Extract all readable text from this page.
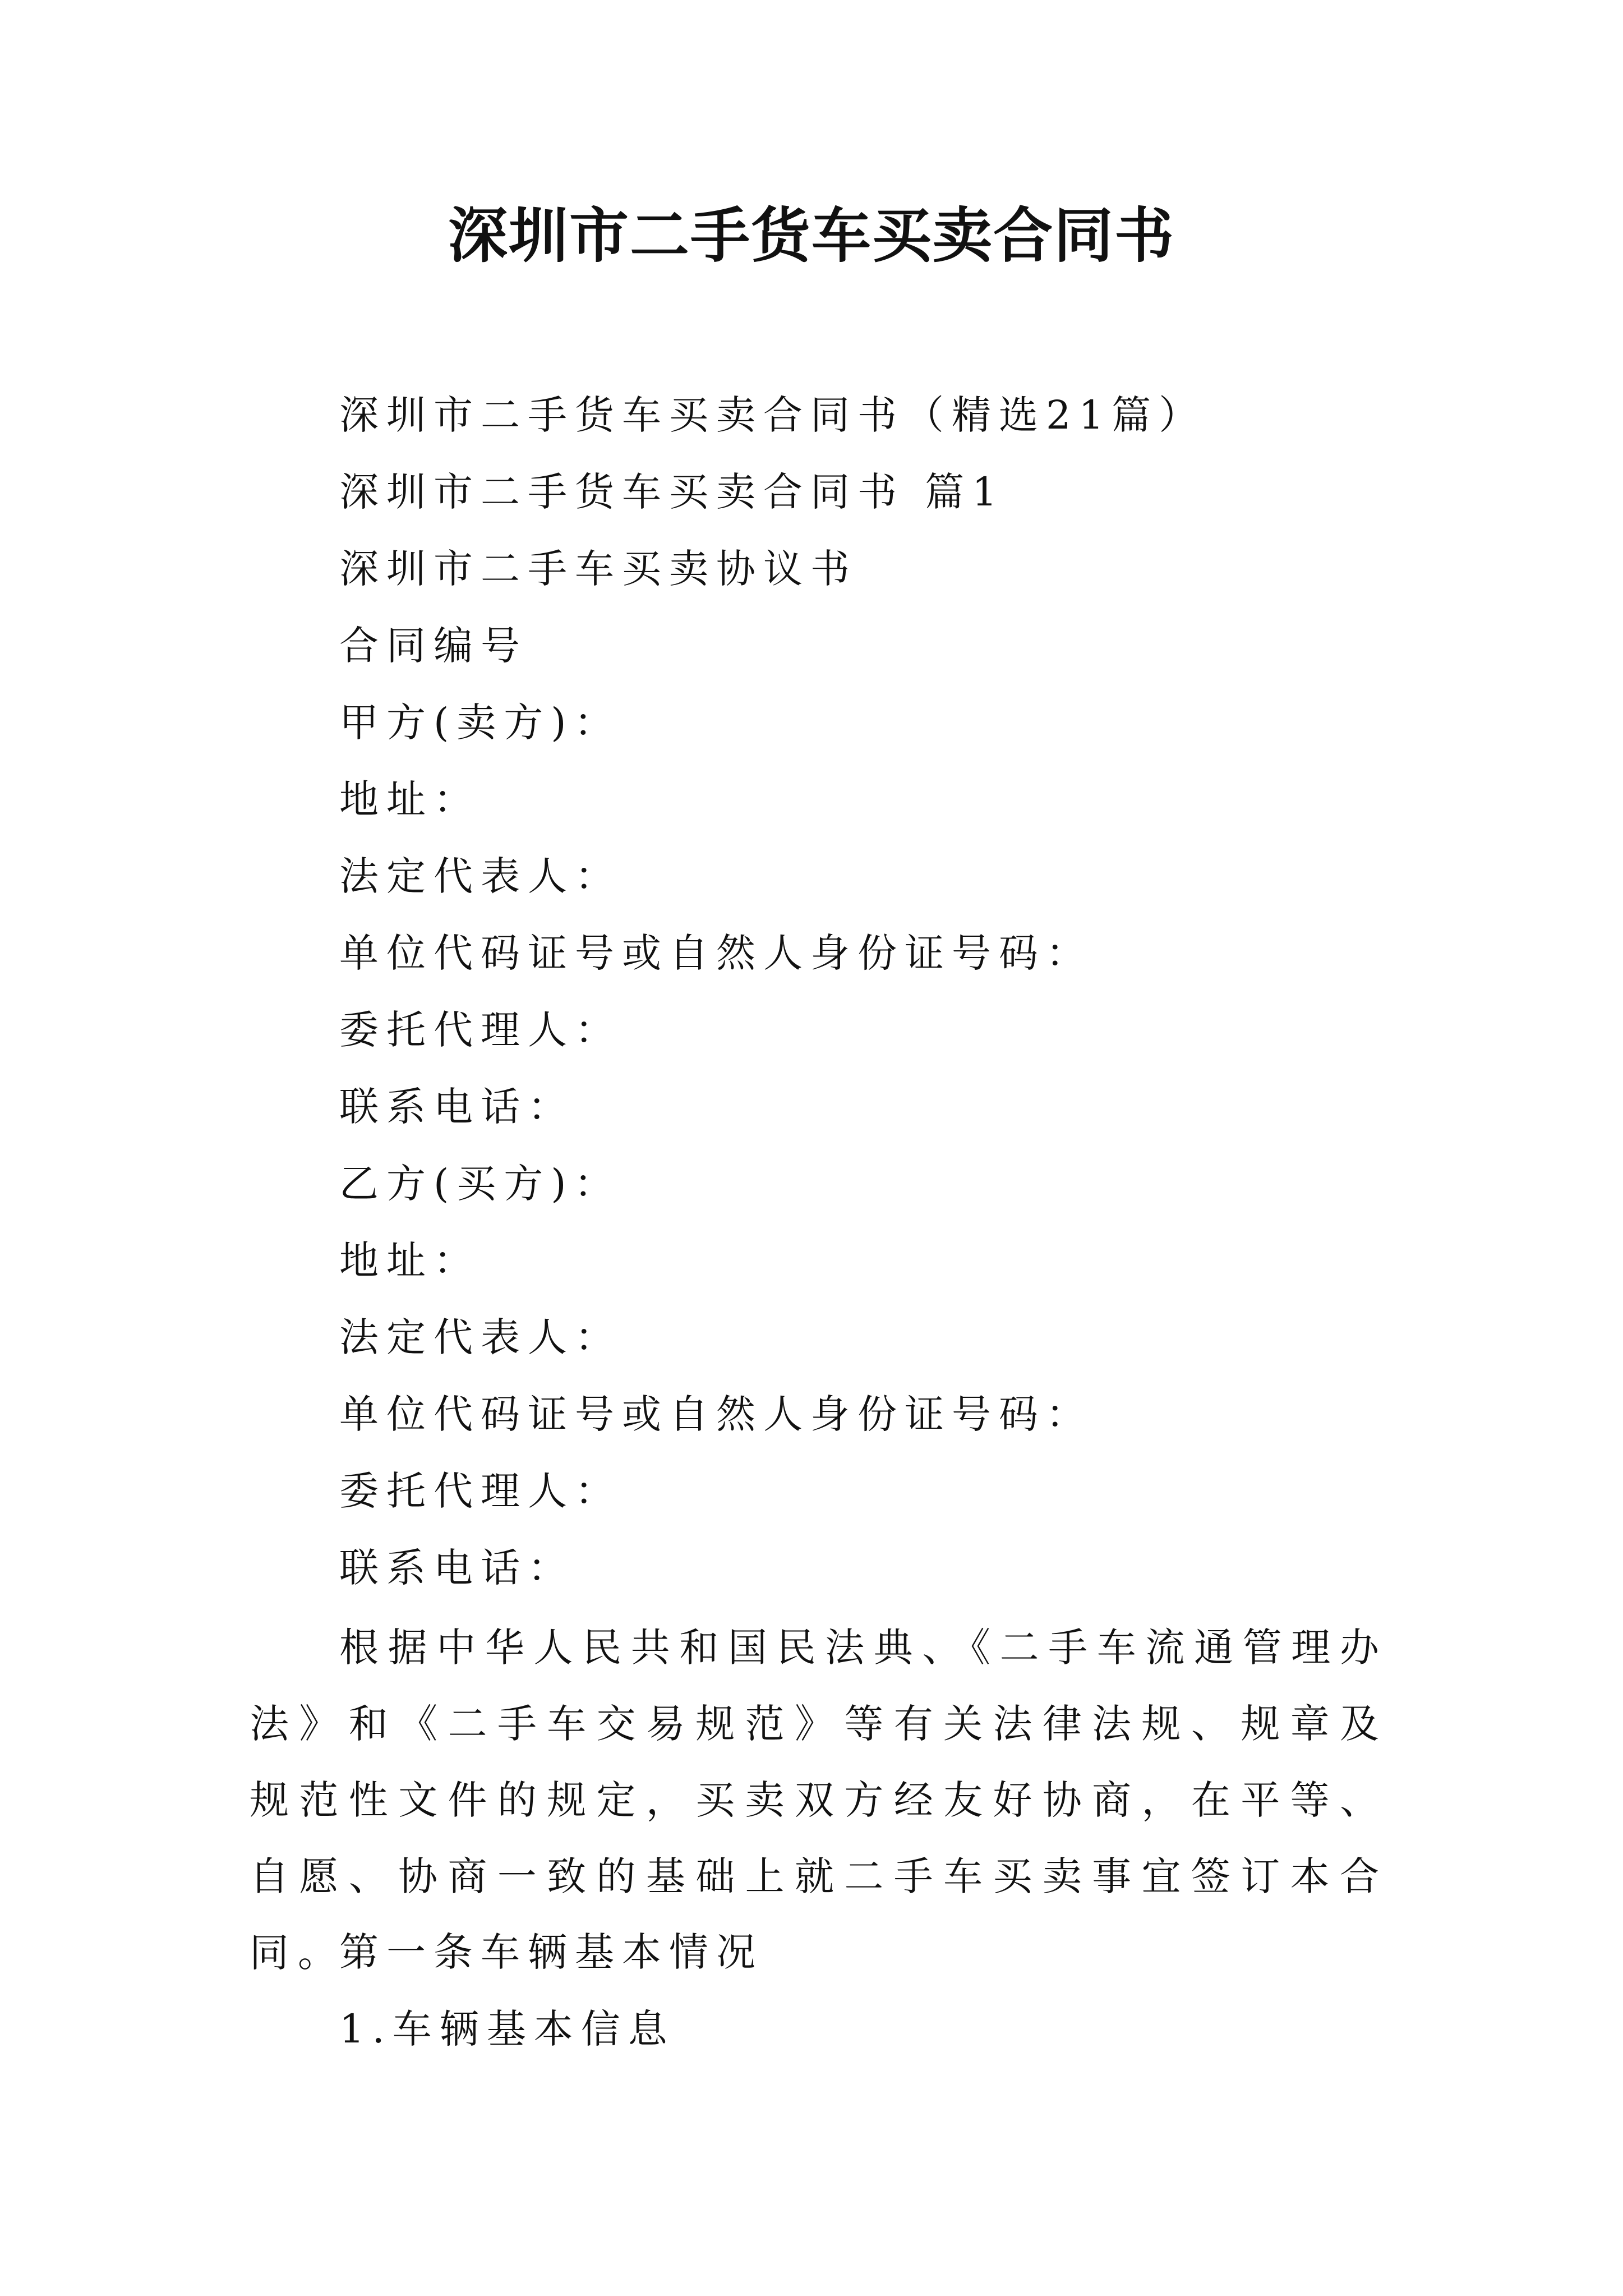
深圳市二手货车买卖合同书

深圳市二手货车买卖合同书（精选21篇）

深圳市二手货车买卖合同书 篇1

深圳市二手车买卖协议书

合同编号

甲方(卖方)：

地址：

法定代表人：

单位代码证号或自然人身份证号码：

委托代理人：

联系电话：

乙方(买方)：

地址：

法定代表人：

单位代码证号或自然人身份证号码：

委托代理人：

联系电话：

根据中华人民共和国民法典、《二手车流通管理办法》和《二手车交易规范》等有关法律法规、规章及规范性文件的规定，买卖双方经友好协商，在平等、自愿、协商一致的基础上就二手车买卖事宜签订本合同。

第一条车辆基本情况

1.车辆基本信息
